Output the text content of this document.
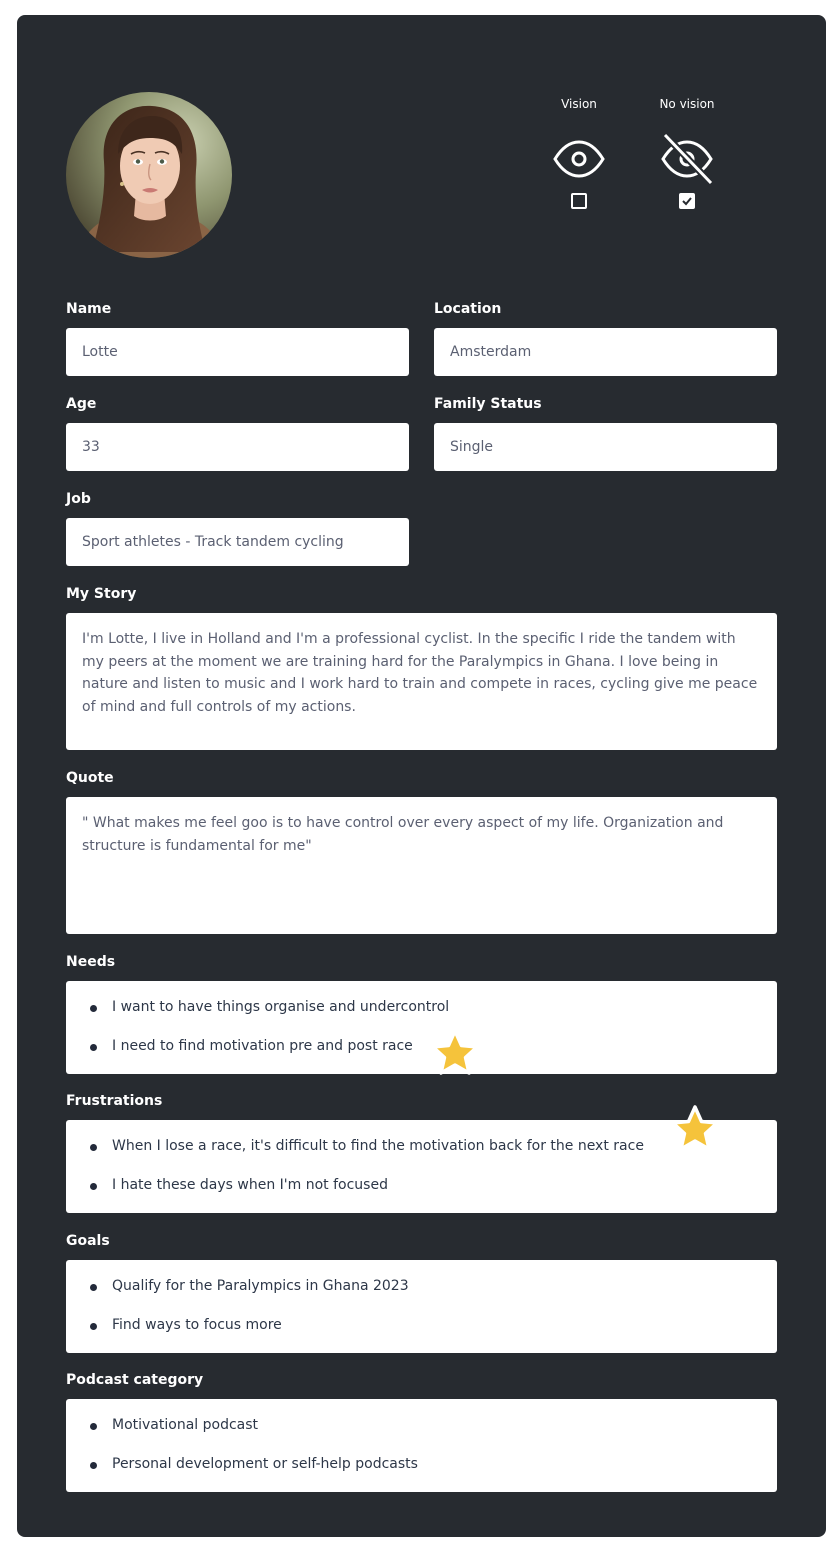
Vision	No vision
Name
Lotte
Location
Amsterdam
Age
33
Family Status
Single
Job
Sport athletes - Track tandem cycling
My Story
I'm Lotte, I live in Holland and I'm a professional cyclist. In the specific I ride the tandem with my peers at the moment we are training hard for the Paralympics in Ghana. I love being in nature and listen to music and I work hard to train and compete in races, cycling give me peace of mind and full controls of my actions.
Quote
" What makes me feel goo is to have control over every aspect of my life. Organization and structure is fundamental for me"
Needs
I want to have things organise and undercontrol
I need to find motivation pre and post race
Frustrations
When I lose a race, it's difficult to find the motivation back for the next race
I hate these days when I'm not focused
Goals
Qualify for the Paralympics in Ghana 2023
Find ways to focus more
Podcast category
Motivational podcast
Personal development or self-help podcasts
